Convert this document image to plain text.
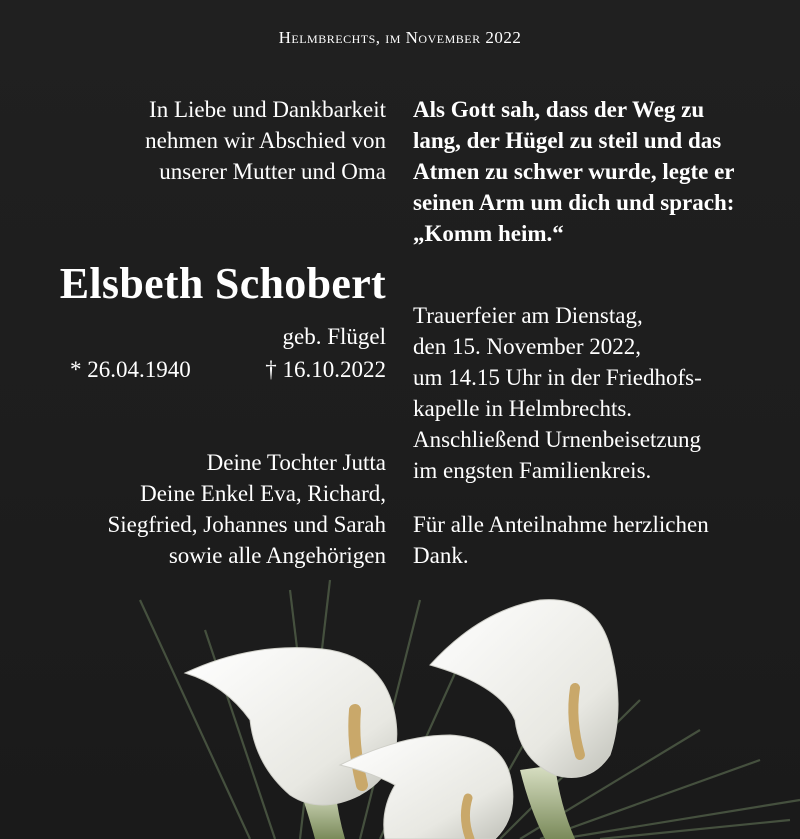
Helmbrechts, im November 2022
In Liebe und Dankbarkeit
nehmen wir Abschied von
unserer Mutter und Oma
Elsbeth Schobert
geb. Flügel
* 26.04.1940	† 16.10.2022
Deine Tochter Jutta
Deine Enkel Eva, Richard,
Siegfried, Johannes und Sarah
sowie alle Angehörigen
Als Gott sah, dass der Weg zu
lang, der Hügel zu steil und das
Atmen zu schwer wurde, legte er
seinen Arm um dich und sprach:
„Komm heim.“
Trauerfeier am Dienstag,
den 15. November 2022,
um 14.15 Uhr in der Friedhofs-
kapelle in Helmbrechts.
Anschließend Urnenbeisetzung
im engsten Familienkreis.
Für alle Anteilnahme herzlichen
Dank.
